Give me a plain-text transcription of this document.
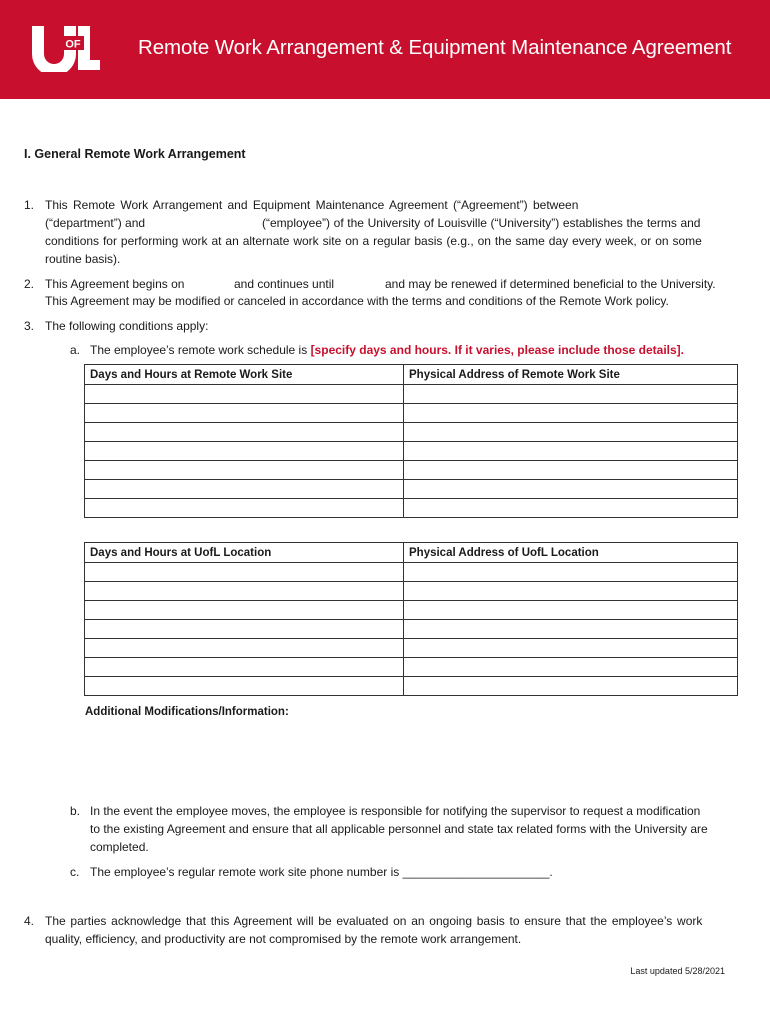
OF	Remote Work Arrangement & Equipment Maintenance Agreement
I. General Remote Work Arrangement
1. This Remote Work Arrangement and Equipment Maintenance Agreement (“Agreement”) between
(“department”) and	(“employee”) of the University of Louisville (“University”) establishes the terms and
conditions for performing work at an alternate work site on a regular basis (e.g., on the same day every week, or on some
routine basis).
2. This Agreement begins on	and continues until	and may be renewed if determined beneficial to the University.
This Agreement may be modified or canceled in accordance with the terms and conditions of the Remote Work policy.
3. The following conditions apply:
a. The employee’s remote work schedule is [specify days and hours. If it varies, please include those details].
Days and Hours at Remote Work Site	Physical Address of Remote Work Site

Days and Hours at UofL Location	Physical Address of UofL Location

Additional Modifications/Information:
b. In the event the employee moves, the employee is responsible for notifying the supervisor to request a modification
to the existing Agreement and ensure that all applicable personnel and state tax related forms with the University are
completed.
c. The employee’s regular remote work site phone number is ______________________.
4. The parties acknowledge that this Agreement will be evaluated on an ongoing basis to ensure that the employee’s work
quality, efficiency, and productivity are not compromised by the remote work arrangement.
Last updated 5/28/2021
